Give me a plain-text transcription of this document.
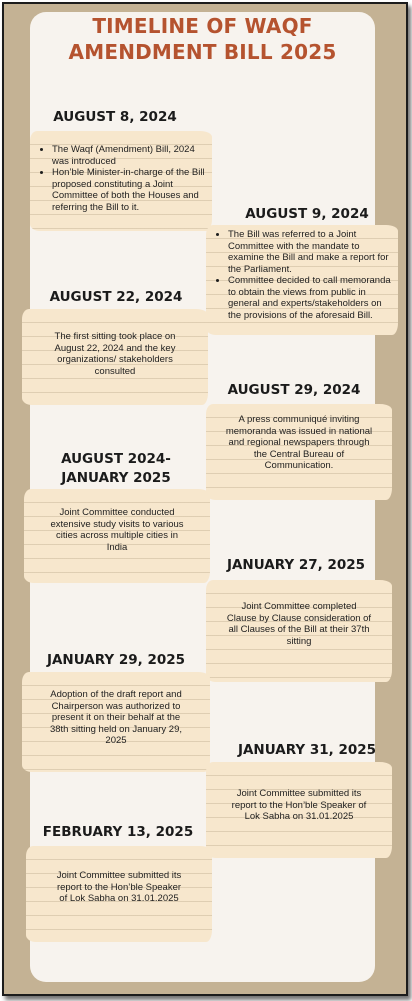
TIMELINE OF WAQF
AMENDMENT BILL 2025
AUGUST 8, 2024
• The Waqf (Amendment) Bill, 2024 was introduced
• Hon’ble Minister-in-charge of the Bill proposed constituting a Joint Committee of both the Houses and referring the Bill to it.	AUGUST 9, 2024
• The Bill was referred to a Joint Committee with the mandate to examine the Bill and make a report for the Parliament.
• Committee decided to call memoranda to obtain the views from public in general and experts/stakeholders on the provisions of the aforesaid Bill.
AUGUST 22, 2024

The first sitting took place on August 22, 2024 and the key organizations/ stakeholders consulted

AUGUST 29, 2024

A press communiqué inviting memoranda was issued in national and regional newspapers through the Central Bureau of Communication.

AUGUST 2024-
JANUARY 2025

Joint Committee conducted extensive study visits to various cities across multiple cities in India

JANUARY 27, 2025

Joint Committee completed Clause by Clause consideration of all Clauses of the Bill at their 37th sitting

JANUARY 29, 2025

Adoption of the draft report and Chairperson was authorized to present it on their behalf at the 38th sitting held on January 29, 2025

JANUARY 31, 2025

Joint Committee submitted its report to the Hon’ble Speaker of Lok Sabha on 31.01.2025

FEBRUARY 13, 2025

Joint Committee submitted its report to the Hon’ble Speaker of Lok Sabha on 31.01.2025
